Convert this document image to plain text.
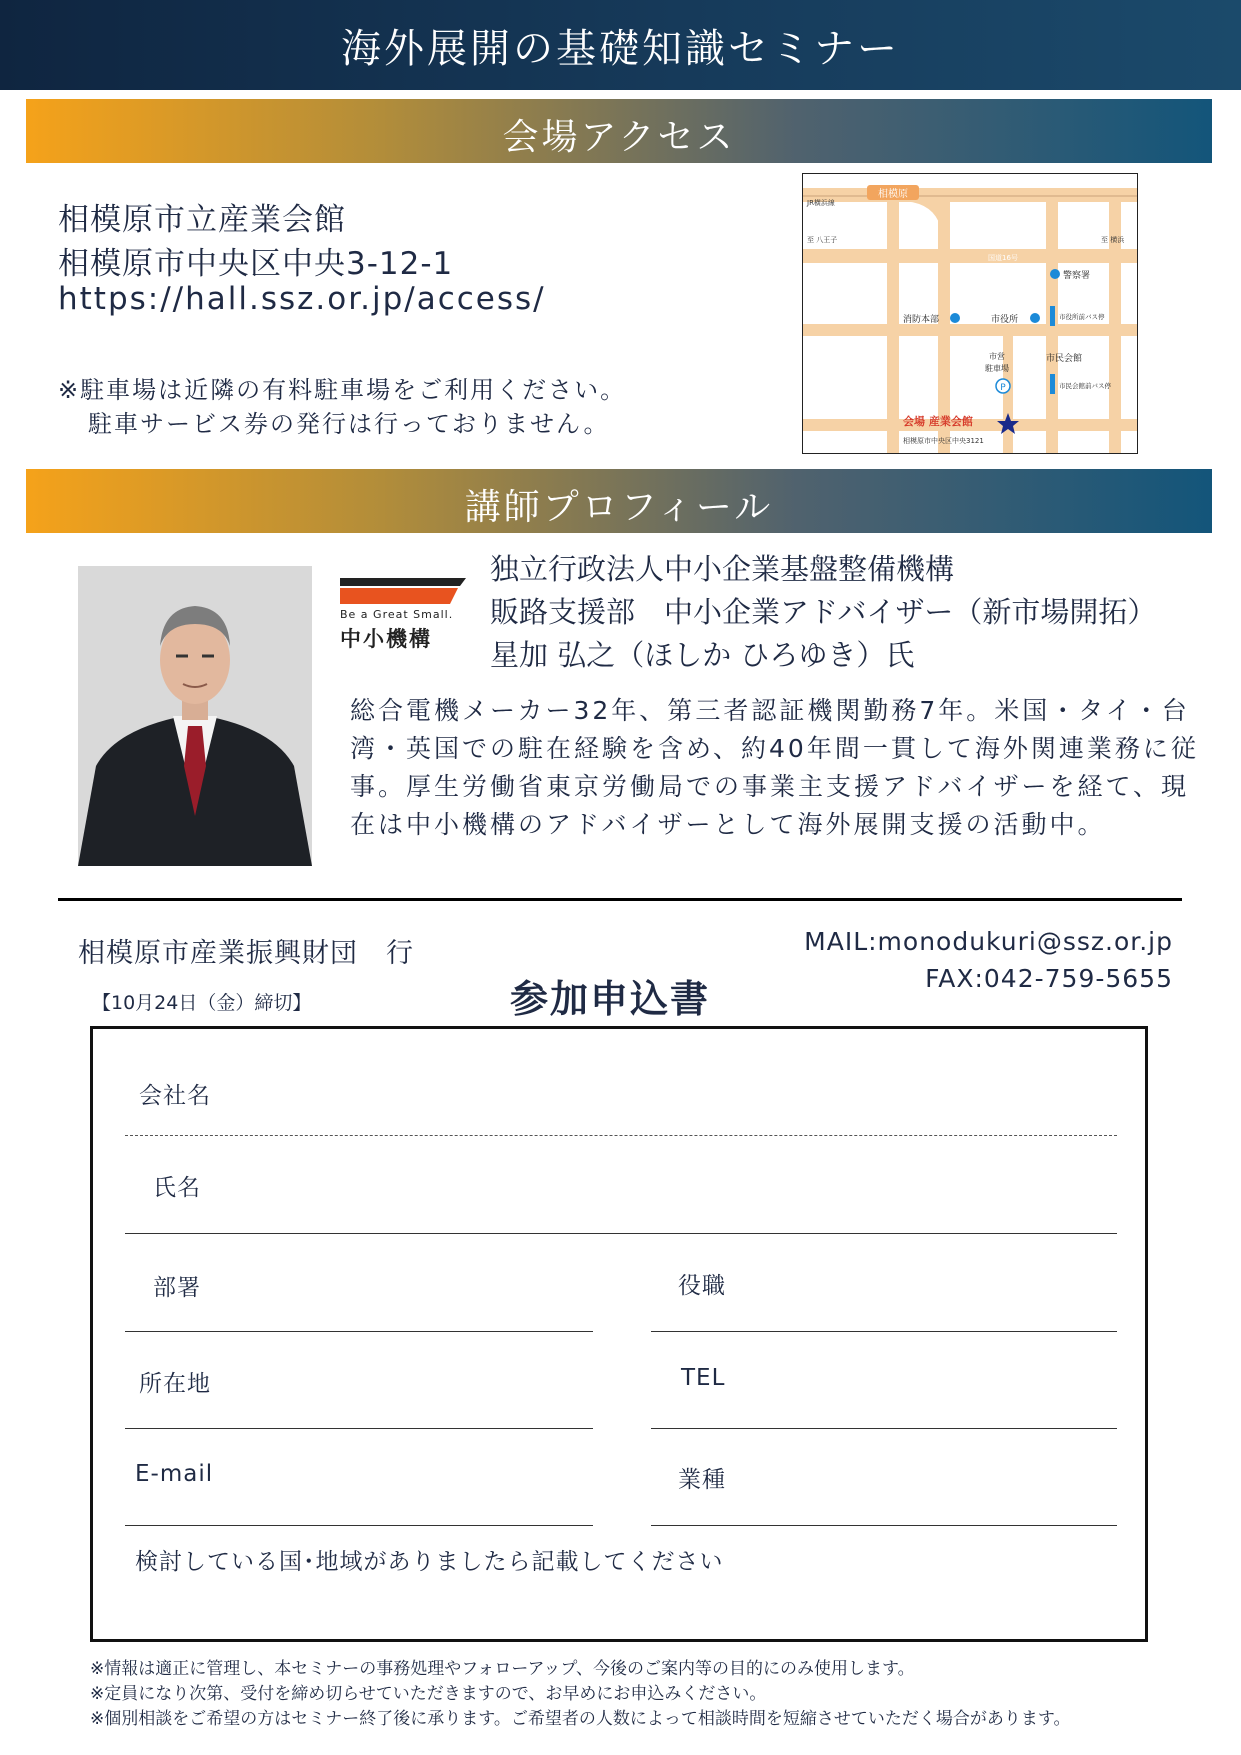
海外展開の基礎知識セミナー
会場アクセス
相模原市立産業会館
相模原市中央区中央3-12-1
https://hall.ssz.or.jp/access/
※駐車場は近隣の有料駐車場をご利用ください。
駐車サービス券の発行は行っておりません。
相模原
JR横浜線
至 八王子	至 横浜
国道16号
警察署
消防本部	市役所	市役所前バス停
市営
駐車場
P
市民会館
市民会館前バス停
会場 産業会館
相模原市中央区中央3121
講師プロフィール
Be a Great Small.
中小機構
独立行政法人中小企業基盤整備機構
販路支援部　中小企業アドバイザー（新市場開拓）
星加 弘之（ほしか ひろゆき）氏
総合電機メーカー32年、第三者認証機関勤務7年。米国・タイ・台湾・英国での駐在経験を含め、約40年間一貫して海外関連業務に従事。厚生労働省東京労働局での事業主支援アドバイザーを経て、現在は中小機構のアドバイザーとして海外展開支援の活動中。
相模原市産業振興財団　行
【10月24日（金）締切】	参加申込書
MAIL:monodukuri@ssz.or.jp
FAX:042-759-5655
会社名
氏名
部署	役職
所在地	TEL
E-mail	業種
検討している国･地域がありましたら記載してください
※情報は適正に管理し、本セミナーの事務処理やフォローアップ、今後のご案内等の目的にのみ使用します。
※定員になり次第、受付を締め切らせていただきますので、お早めにお申込みください。
※個別相談をご希望の方はセミナー終了後に承ります。ご希望者の人数によって相談時間を短縮させていただく場合があります。
